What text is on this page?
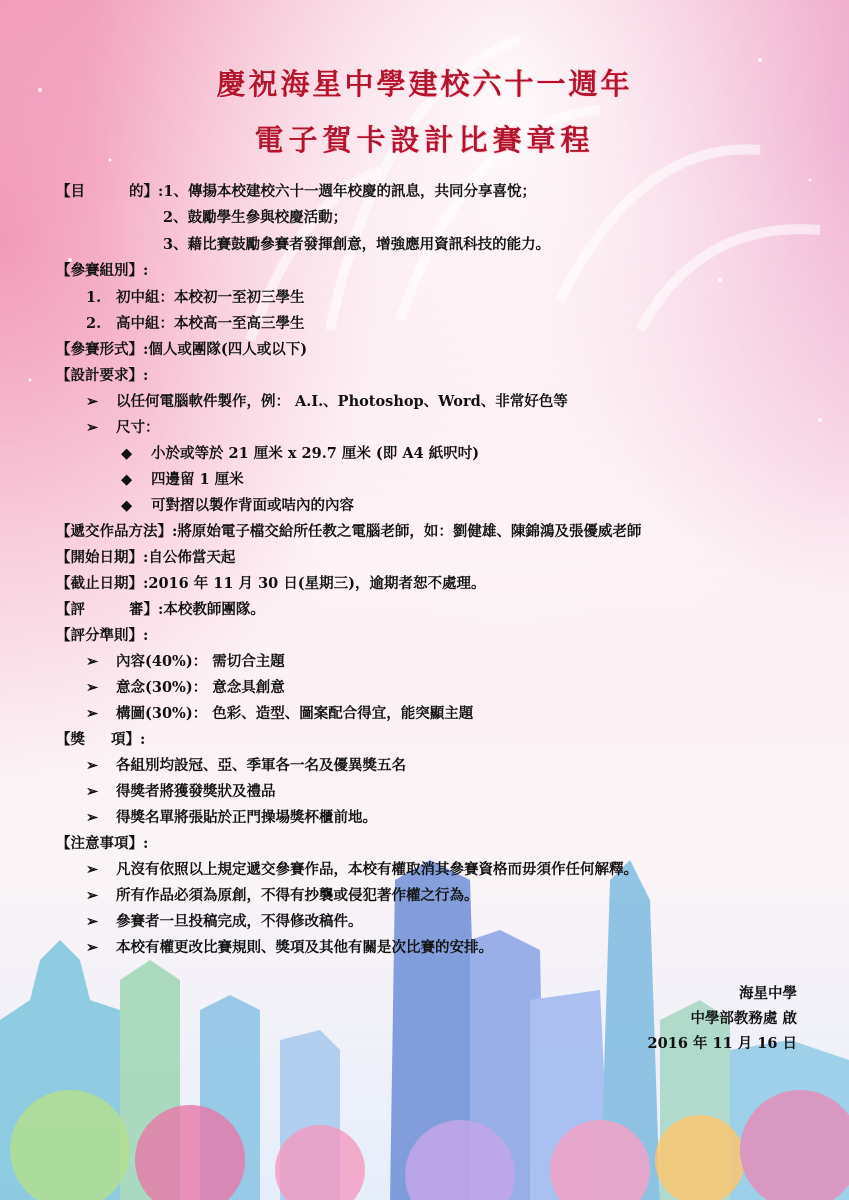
慶祝海星中學建校六十一週年
電子賀卡設計比賽章程
【目	的】:1、傳揚本校建校六十一週年校慶的訊息，共同分享喜悅；
2、鼓勵學生參與校慶活動；
3、藉比賽鼓勵參賽者發揮創意，增強應用資訊科技的能力。
【參賽組別】:
1. 初中組：本校初一至初三學生
2. 高中組：本校高一至高三學生
【參賽形式】:個人或團隊(四人或以下)
【設計要求】:
➢ 以任何電腦軟件製作，例： A.I.、Photoshop、Word、非常好色等
➢ 尺寸：
◆ 小於或等於 21 厘米 x 29.7 厘米 (即 A4 紙呎吋)
◆ 四邊留 1 厘米
◆ 可對摺以製作背面或咭內的內容
【遞交作品方法】:將原始電子檔交給所任教之電腦老師，如：劉健雄、陳錦鴻及張優威老師
【開始日期】:自公佈當天起
【截止日期】:2016 年 11 月 30 日(星期三)，逾期者恕不處理。
【評	審】:本校教師團隊。
【評分準則】:
➢ 內容(40%)： 需切合主題
➢ 意念(30%)： 意念具創意
➢ 構圖(30%)： 色彩、造型、圖案配合得宜，能突顯主題
【獎 項】:
➢ 各組別均設冠、亞、季軍各一名及優異獎五名
➢ 得獎者將獲發獎狀及禮品
➢ 得獎名單將張貼於正門操場獎杯櫃前地。
【注意事項】:
➢ 凡沒有依照以上規定遞交參賽作品，本校有權取消其參賽資格而毋須作任何解釋。
➢ 所有作品必須為原創，不得有抄襲或侵犯著作權之行為。
➢ 參賽者一旦投稿完成，不得修改稿件。
➢ 本校有權更改比賽規則、獎項及其他有關是次比賽的安排。
海星中學
中學部教務處 啟
2016 年 11 月 16 日
